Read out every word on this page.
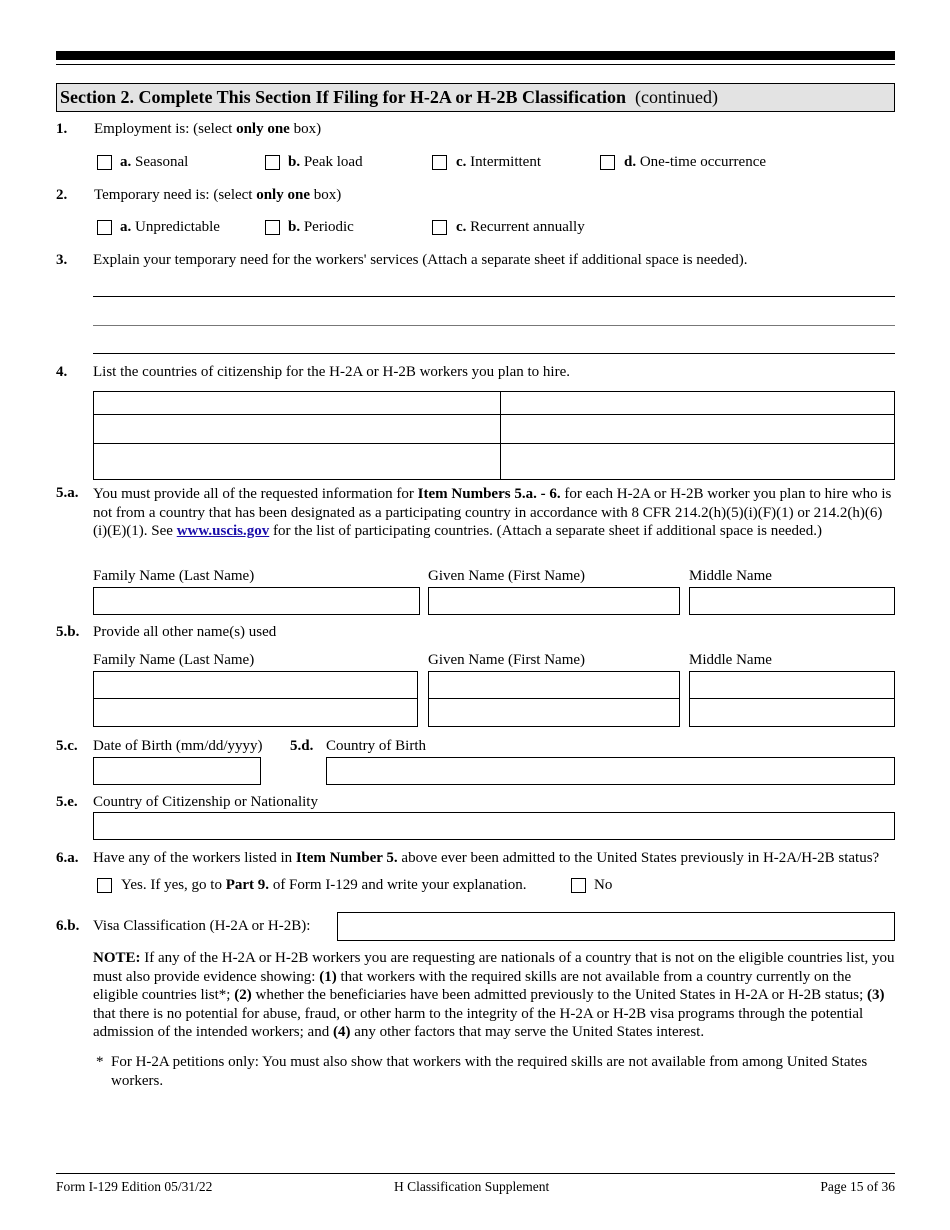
Section 2. Complete This Section If Filing for H-2A or H-2B Classification (continued)
1. Employment is: (select only one box)
a. Seasonal	b. Peak load	c. Intermittent	d. One-time occurrence
2. Temporary need is: (select only one box)
a. Unpredictable	b. Periodic	c. Recurrent annually
3. Explain your temporary need for the workers' services (Attach a separate sheet if additional space is needed).
4. List the countries of citizenship for the H-2A or H-2B workers you plan to hire.
5.a. You must provide all of the requested information for Item Numbers 5.a. - 6. for each H-2A or H-2B worker you plan to hire who is not from a country that has been designated as a participating country in accordance with 8 CFR 214.2(h)(5)(i)(F)(1) or 214.2(h)(6)(i)(E)(1). See www.uscis.gov for the list of participating countries. (Attach a separate sheet if additional space is needed.)
Family Name (Last Name)	Given Name (First Name)	Middle Name
5.b. Provide all other name(s) used
Family Name (Last Name)	Given Name (First Name)	Middle Name
5.c. Date of Birth (mm/dd/yyyy) 5.d. Country of Birth
5.e. Country of Citizenship or Nationality
6.a. Have any of the workers listed in Item Number 5. above ever been admitted to the United States previously in H-2A/H-2B status?
Yes. If yes, go to Part 9. of Form I-129 and write your explanation.	No
6.b. Visa Classification (H-2A or H-2B):
NOTE: If any of the H-2A or H-2B workers you are requesting are nationals of a country that is not on the eligible countries list, you must also provide evidence showing: (1) that workers with the required skills are not available from a country currently on the eligible countries list*; (2) whether the beneficiaries have been admitted previously to the United States in H-2A or H-2B status; (3) that there is no potential for abuse, fraud, or other harm to the integrity of the H-2A or H-2B visa programs through the potential admission of the intended workers; and (4) any other factors that may serve the United States interest.
* For H-2A petitions only: You must also show that workers with the required skills are not available from among United States workers.
Form I-129 Edition 05/31/22	H Classification Supplement	Page 15 of 36
